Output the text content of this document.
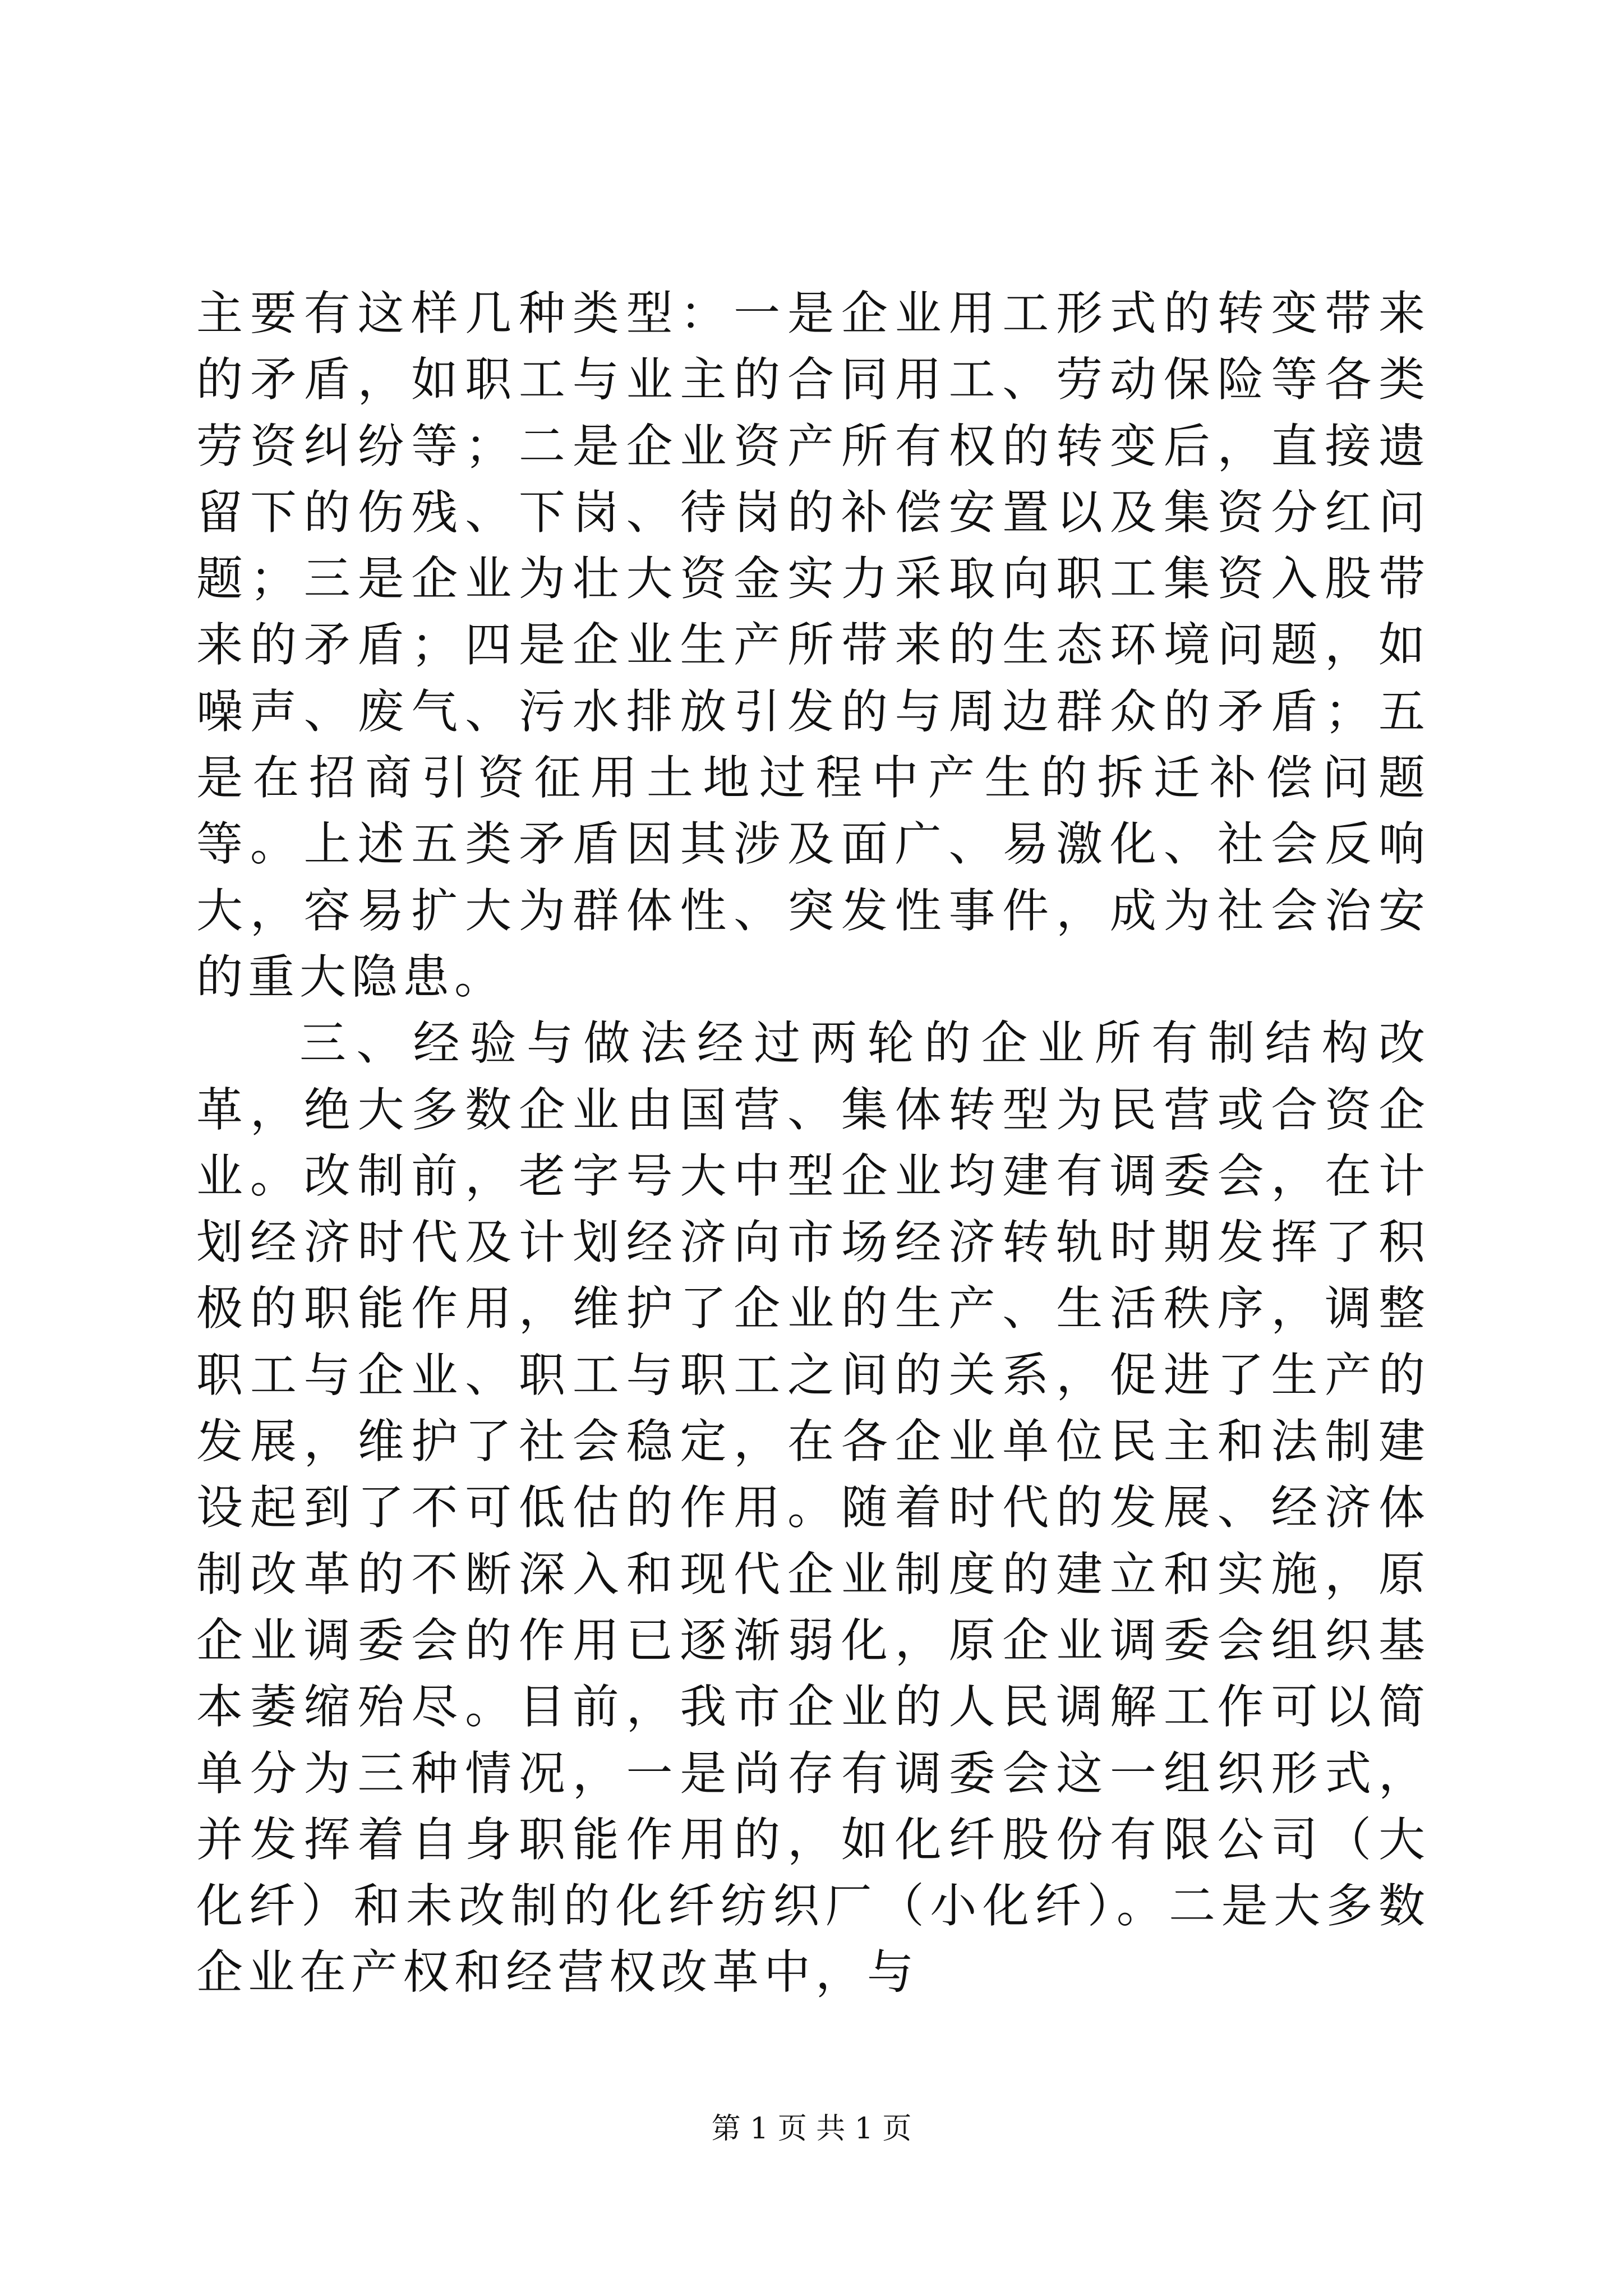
主要有这样几种类型：一是企业用工形式的转变带来的矛盾，如职工与业主的合同用工、劳动保险等各类劳资纠纷等；二是企业资产所有权的转变后，直接遗留下的伤残、下岗、待岗的补偿安置以及集资分红问题；三是企业为壮大资金实力采取向职工集资入股带来的矛盾；四是企业生产所带来的生态环境问题，如噪声、废气、污水排放引发的与周边群众的矛盾；五是在招商引资征用土地过程中产生的拆迁补偿问题等。上述五类矛盾因其涉及面广、易激化、社会反响大，容易扩大为群体性、突发性事件，成为社会治安的重大隐患。

三、经验与做法经过两轮的企业所有制结构改革，绝大多数企业由国营、集体转型为民营或合资企业。改制前，老字号大中型企业均建有调委会，在计划经济时代及计划经济向市场经济转轨时期发挥了积极的职能作用，维护了企业的生产、生活秩序，调整职工与企业、职工与职工之间的关系，促进了生产的发展，维护了社会稳定，在各企业单位民主和法制建设起到了不可低估的作用。随着时代的发展、经济体制改革的不断深入和现代企业制度的建立和实施，原企业调委会的作用已逐渐弱化，原企业调委会组织基本萎缩殆尽。目前，我市企业的人民调解工作可以简单分为三种情况，一是尚存有调委会这一组织形式，并发挥着自身职能作用的，如化纤股份有限公司（大化纤）和未改制的化纤纺织厂（小化纤）。二是大多数企业在产权和经营权改革中，与

第 1 页 共 1 页
